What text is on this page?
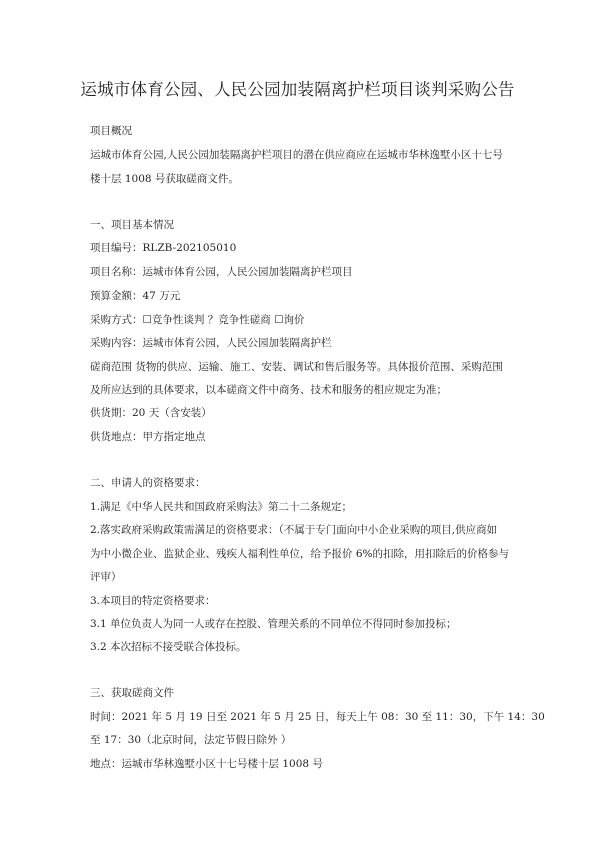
运城市体育公园、人民公园加装隔离护栏项目谈判采购公告
项目概况
运城市体育公园,人民公园加装隔离护栏项目的潜在供应商应在运城市华林逸墅小区十七号
楼十层 1008 号获取磋商文件。
一、项目基本情况
项目编号：RLZB-202105010
项目名称：运城市体育公园，人民公园加装隔离护栏项目
预算金额：47 万元
采购方式：☐竞争性谈判 ？竞争性磋商 ☐询价
采购内容：运城市体育公园，人民公园加装隔离护栏
磋商范围 货物的供应、运输、施工、安装、调试和售后服务等。具体报价范围、采购范围
及所应达到的具体要求，以本磋商文件中商务、技术和服务的相应规定为准；
供货期：20 天（含安装）
供货地点：甲方指定地点
二、申请人的资格要求：
1.满足《中华人民共和国政府采购法》第二十二条规定；
2.落实政府采购政策需满足的资格要求：（不属于专门面向中小企业采购的项目,供应商如
为中小微企业、监狱企业、残疾人福利性单位，给予报价 6%的扣除，用扣除后的价格参与
评审）
3.本项目的特定资格要求：
3.1 单位负责人为同一人或存在控股、管理关系的不同单位不得同时参加投标；
3.2 本次招标不接受联合体投标。
三、获取磋商文件
时间：2021 年 5 月 19 日至 2021 年 5 月 25 日，每天上午 08：30 至 11：30，下午 14：30
至 17：30（北京时间，法定节假日除外 ）
地点：运城市华林逸墅小区十七号楼十层 1008 号
